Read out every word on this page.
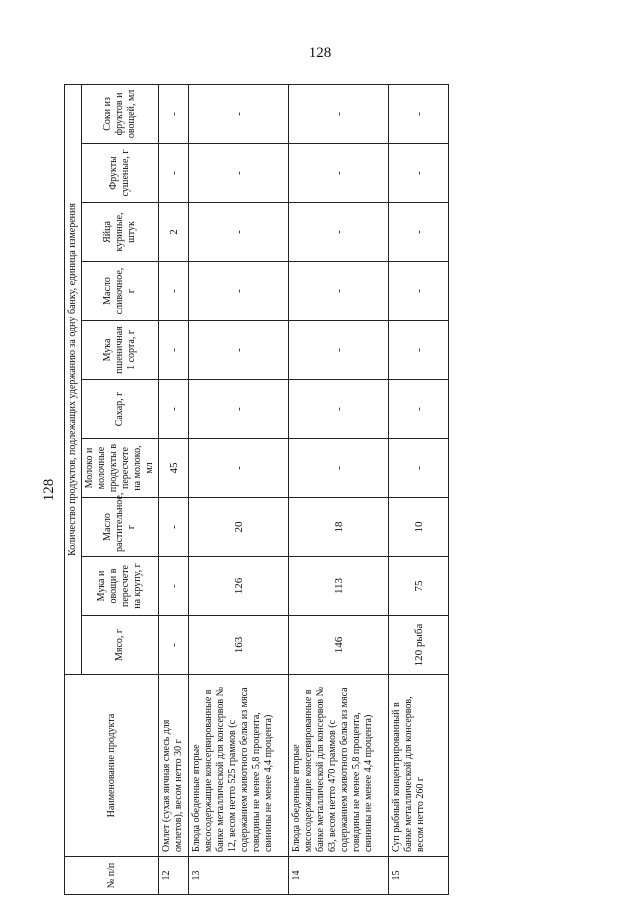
128
128
№ п/п	Наименование продукта	Количество продуктов, подлежащих удержанию за одну банку, единица измерения									
		Мясо, г	Мука и овощи в пересчете на крупу, г	Масло растительное, г	Молоко и молочные продукты в пересчете на молоко, мл	Сахар, г	Мука пшеничная 1 сорта, г	Масло сливочное, г	Яйца куриные, штук	Фрукты сушеные, г	Соки из фруктов и овощей, мл
12	Омлет (сухая яичная смесь для омлетов), весом нетто 30 г	-	-	-	45	-	-	-	2	-	-
13	Блюда обеденные вторые мясосодержащие консервированные в банке металлической для консервов № 12, весом нетто 525 граммов (с содержанием животного белка из мяса говядины не менее 5,8 процента, свинины не менее 4,4 процента)	163	126	20	-	-	-	-	-	-	-
14	Блюда обеденные вторые мясосодержащие консервированные в банке металлической для консервов № 63, весом нетто 470 граммов (с содержанием животного белка из мяса говядины не менее 5,8 процента, свинины не менее 4,4 процента)	146	113	18	-	-	-	-	-	-	-
15	Суп рыбный концентрированный в банке металлической для консервов, весом нетто 260 г	120 рыба	75	10	-	-	-	-	-	-	-
